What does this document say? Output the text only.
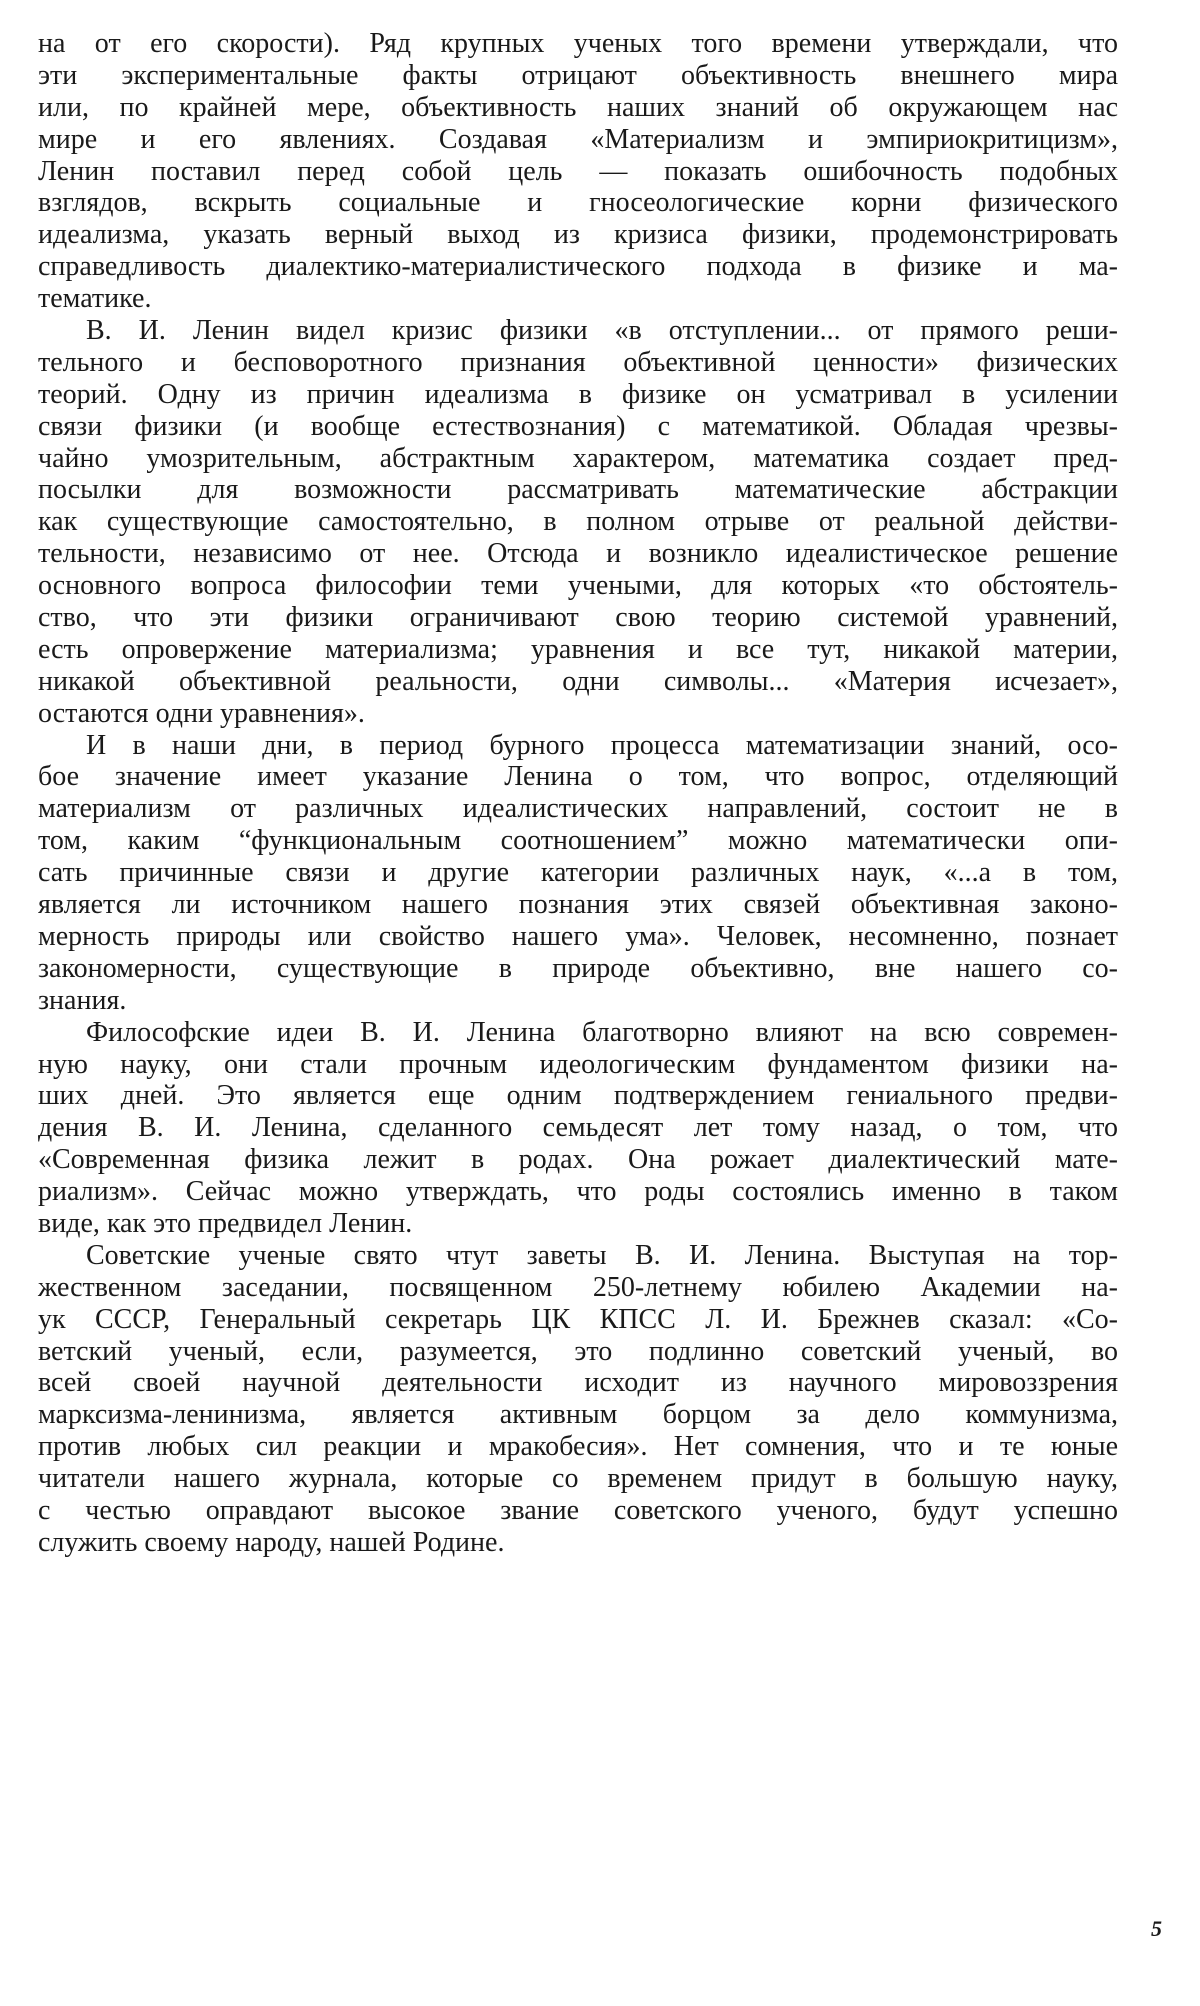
на от его скорости). Ряд крупных ученых того времени утверждали, что
эти экспериментальные факты отрицают объективность внешнего мира
или, по крайней мере, объективность наших знаний об окружающем нас
мире и его явлениях. Создавая «Материализм и эмпириокритицизм»,
Ленин поставил перед собой цель — показать ошибочность подобных
взглядов, вскрыть социальные и гносеологические корни физического
идеализма, указать верный выход из кризиса физики, продемонстрировать
справедливость диалектико-материалистического подхода в физике и ма-
тематике.
В. И. Ленин видел кризис физики «в отступлении... от прямого реши-
тельного и бесповоротного признания объективной ценности» физических
теорий. Одну из причин идеализма в физике он усматривал в усилении
связи физики (и вообще естествознания) с математикой. Обладая чрезвы-
чайно умозрительным, абстрактным характером, математика создает пред-
посылки для возможности рассматривать математические абстракции
как существующие самостоятельно, в полном отрыве от реальной действи-
тельности, независимо от нее. Отсюда и возникло идеалистическое решение
основного вопроса философии теми учеными, для которых «то обстоятель-
ство, что эти физики ограничивают свою теорию системой уравнений,
есть опровержение материализма; уравнения и все тут, никакой материи,
никакой объективной реальности, одни символы... «Материя исчезает»,
остаются одни уравнения».
И в наши дни, в период бурного процесса математизации знаний, осо-
бое значение имеет указание Ленина о том, что вопрос, отделяющий
материализм от различных идеалистических направлений, состоит не в
том, каким “функциональным соотношением” можно математически опи-
сать причинные связи и другие категории различных наук, «...а в том,
является ли источником нашего познания этих связей объективная законо-
мерность природы или свойство нашего ума». Человек, несомненно, познает
закономерности, существующие в природе объективно, вне нашего со-
знания.
Философские идеи В. И. Ленина благотворно влияют на всю современ-
ную науку, они стали прочным идеологическим фундаментом физики на-
ших дней. Это является еще одним подтверждением гениального предви-
дения В. И. Ленина, сделанного семьдесят лет тому назад, о том, что
«Современная физика лежит в родах. Она рожает диалектический мате-
риализм». Сейчас можно утверждать, что роды состоялись именно в таком
виде, как это предвидел Ленин.
Советские ученые свято чтут заветы В. И. Ленина. Выступая на тор-
жественном заседании, посвященном 250-летнему юбилею Академии на-
ук СССР, Генеральный секретарь ЦК КПСС Л. И. Брежнев сказал: «Со-
ветский ученый, если, разумеется, это подлинно советский ученый, во
всей своей научной деятельности исходит из научного мировоззрения
марксизма-ленинизма, является активным борцом за дело коммунизма,
против любых сил реакции и мракобесия». Нет сомнения, что и те юные
читатели нашего журнала, которые со временем придут в большую науку,
с честью оправдают высокое звание советского ученого, будут успешно
служить своему народу, нашей Родине.
5
